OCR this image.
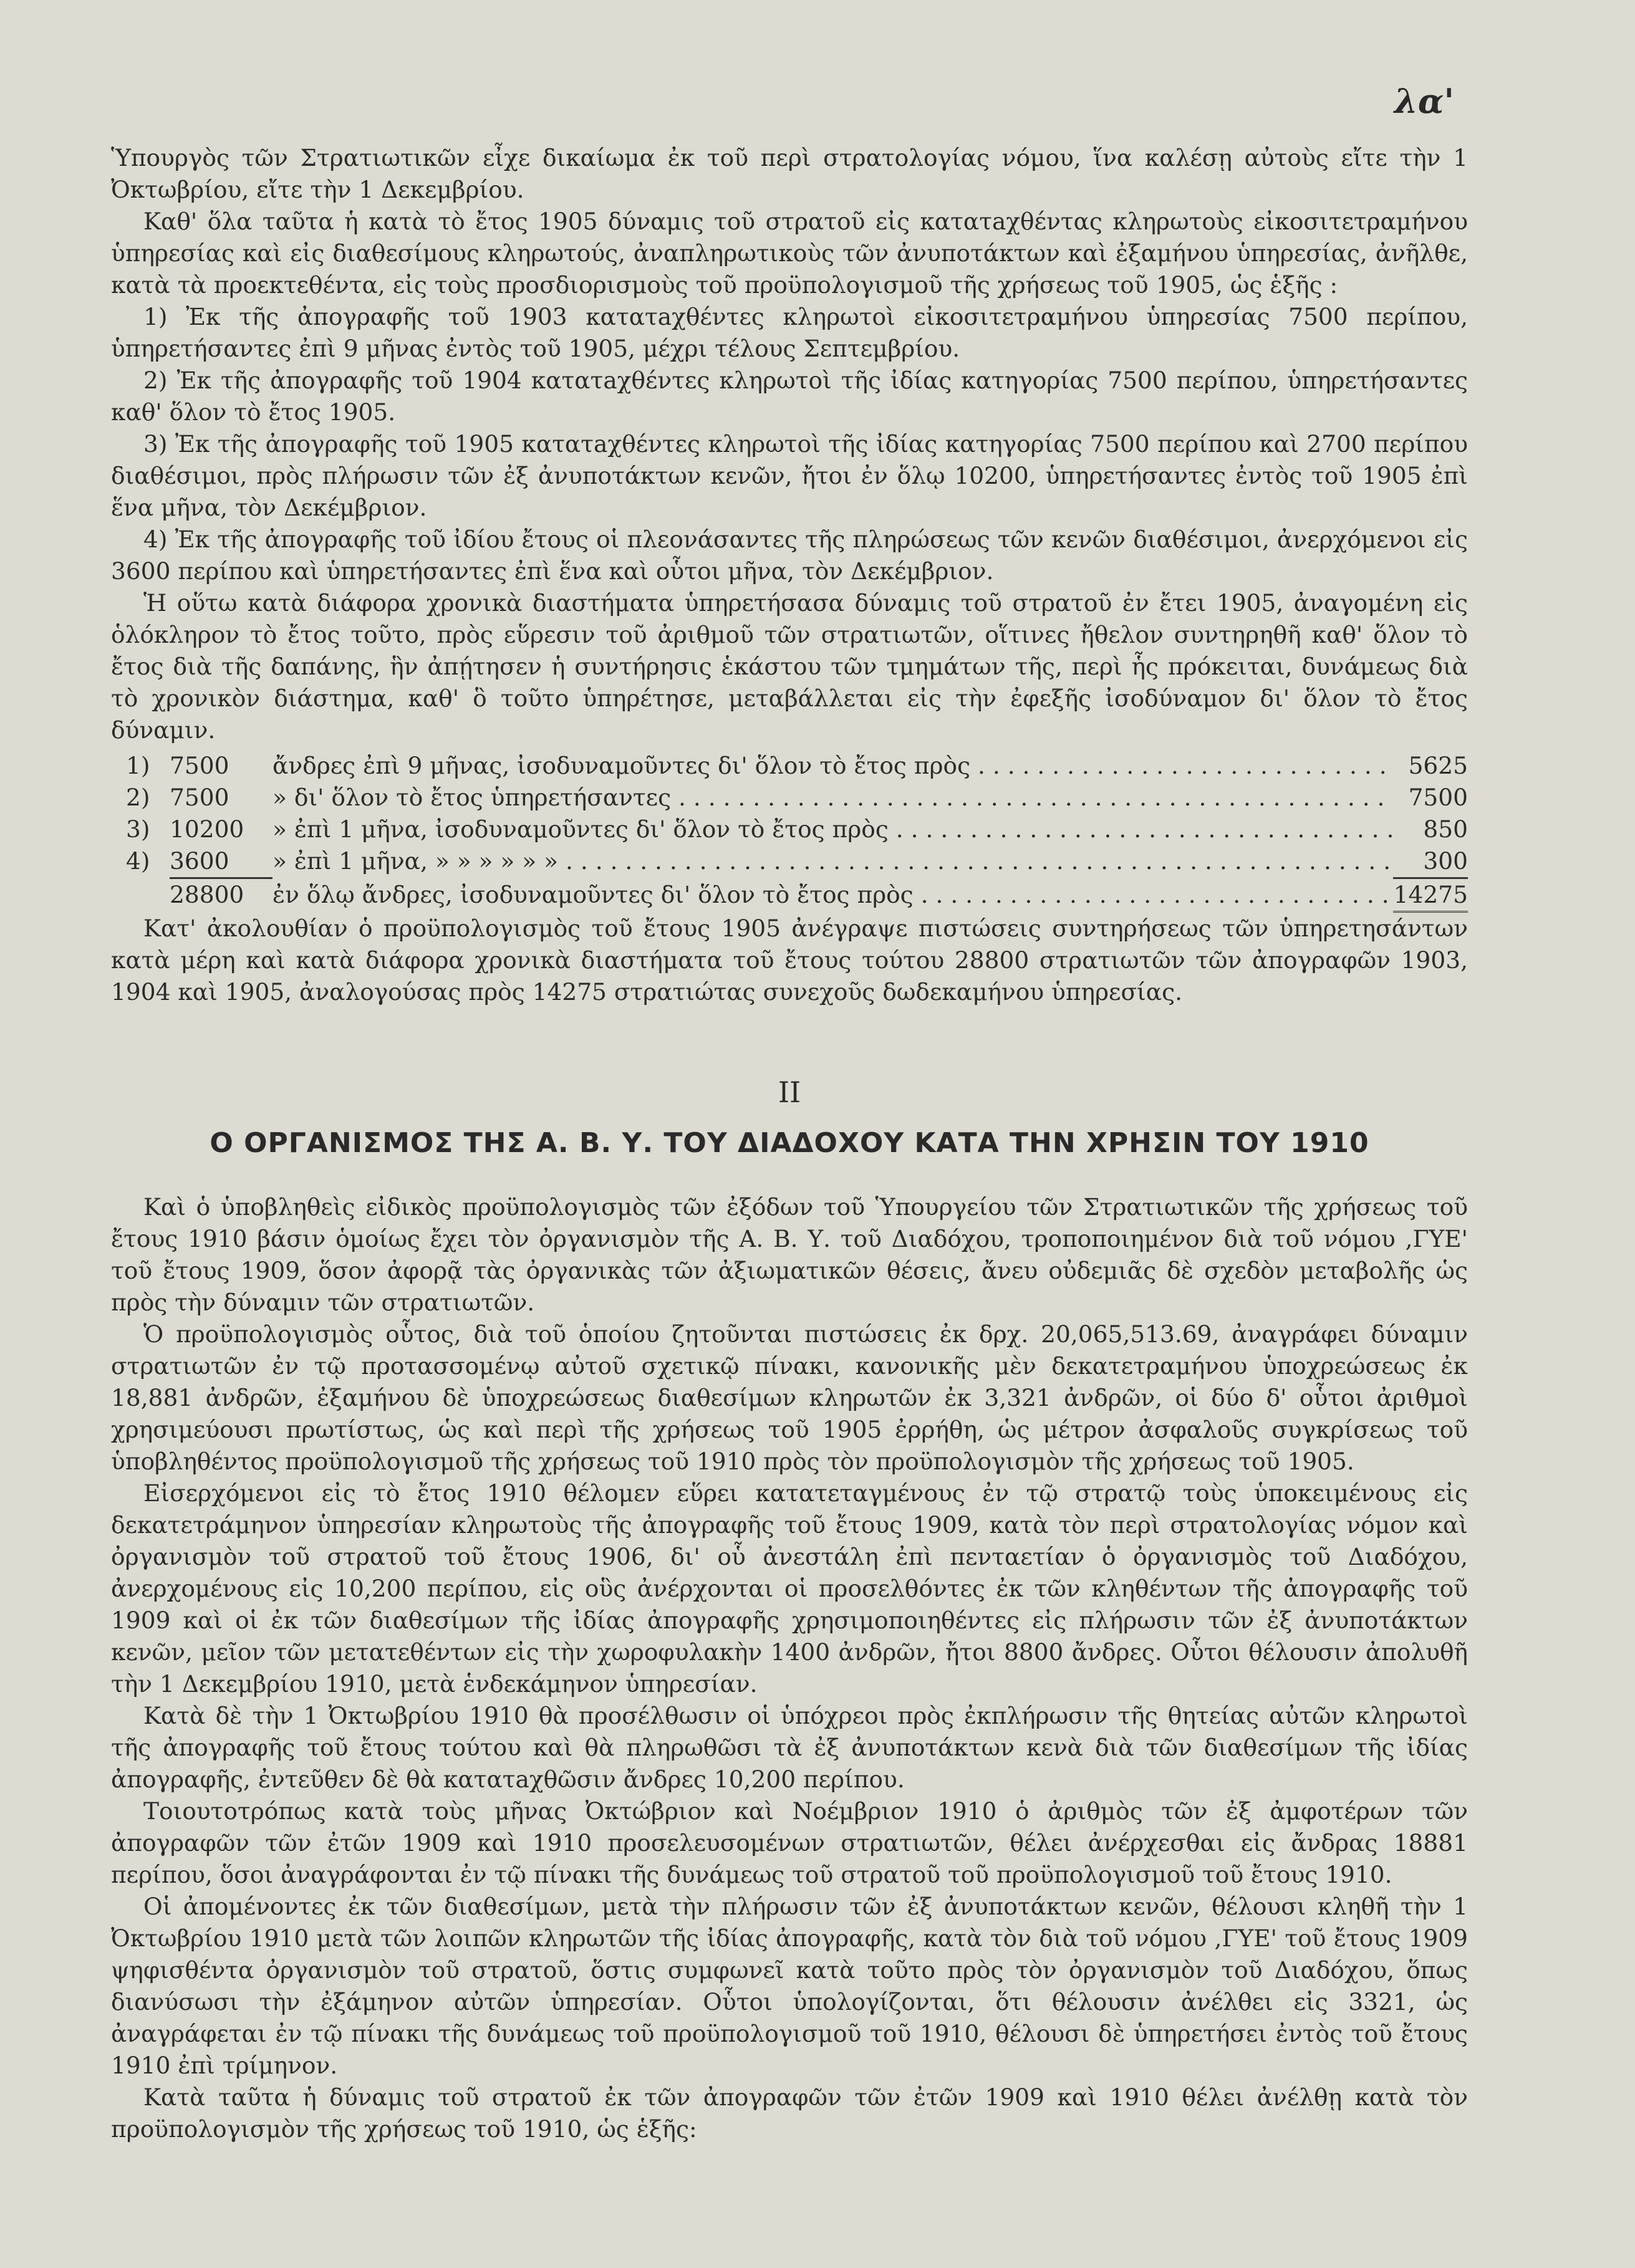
λα'

Ὑπουργὸς τῶν Στρατιωτικῶν εἶχε δικαίωμα ἐκ τοῦ περὶ στρατολογίας νόμου, ἵνα καλέσῃ αὐτοὺς εἴτε τὴν 1 Ὀκτωβρίου, εἴτε τὴν 1 Δεκεμβρίου.

Καθ' ὅλα ταῦτα ἡ κατὰ τὸ ἔτος 1905 δύναμις τοῦ στρατοῦ εἰς κατατaχθέντας κληρωτοὺς εἰκοσιτετραμήνου ὑπηρεσίας καὶ εἰς διαθεσίμους κληρωτούς, ἀναπληρωτικοὺς τῶν ἀνυποτάκτων καὶ ἐξαμήνου ὑπηρεσίας, ἀνῆλθε, κατὰ τὰ προεκτεθέντα, εἰς τοὺς προσδιορισμοὺς τοῦ προϋπολογισμοῦ τῆς χρήσεως τοῦ 1905, ὡς ἑξῆς :

1) Ἐκ τῆς ἀπογραφῆς τοῦ 1903 κατατaχθέντες κληρωτοὶ εἰκοσιτετραμήνου ὑπηρεσίας 7500 περίπου, ὑπηρετήσαντες ἐπὶ 9 μῆνας ἐντὸς τοῦ 1905, μέχρι τέλους Σεπτεμβρίου.

2) Ἐκ τῆς ἀπογραφῆς τοῦ 1904 κατατaχθέντες κληρωτοὶ τῆς ἰδίας κατηγορίας 7500 περίπου, ὑπηρετήσαντες καθ' ὅλον τὸ ἔτος 1905.

3) Ἐκ τῆς ἀπογραφῆς τοῦ 1905 κατατaχθέντες κληρωτοὶ τῆς ἰδίας κατηγορίας 7500 περίπου καὶ 2700 περίπου διαθέσιμοι, πρὸς πλήρωσιν τῶν ἐξ ἀνυποτάκτων κενῶν, ἤτοι ἐν ὅλῳ 10200, ὑπηρετήσαντες ἐντὸς τοῦ 1905 ἐπὶ ἕνα μῆνα, τὸν Δεκέμβριον.

4) Ἐκ τῆς ἀπογραφῆς τοῦ ἰδίου ἔτους οἱ πλεονάσαντες τῆς πληρώσεως τῶν κενῶν διαθέσιμοι, ἀνερχόμενοι εἰς 3600 περίπου καὶ ὑπηρετήσαντες ἐπὶ ἕνα καὶ οὗτοι μῆνα, τὸν Δεκέμβριον.

Ἡ οὕτω κατὰ διάφορα χρονικὰ διαστήματα ὑπηρετήσασα δύναμις τοῦ στρατοῦ ἐν ἔτει 1905, ἀναγομένη εἰς ὁλόκληρον τὸ ἔτος τοῦτο, πρὸς εὕρεσιν τοῦ ἀριθμοῦ τῶν στρατιωτῶν, οἵτινες ἤθελον συντηρηθῆ καθ' ὅλον τὸ ἔτος διὰ τῆς δαπάνης, ἣν ἀπῄτησεν ἡ συντήρησις ἑκάστου τῶν τμημάτων τῆς, περὶ ἧς πρόκειται, δυνάμεως διὰ τὸ χρονικὸν διάστημα, καθ' ὃ τοῦτο ὑπηρέτησε, μεταβάλλεται εἰς τὴν ἐφεξῆς ἰσοδύναμον δι' ὅλον τὸ ἔτος δύναμιν.

1) 7500	ἄνδρες ἐπὶ 9 μῆνας, ἰσοδυναμοῦντες δι' ὅλον τὸ ἔτος πρὸς . . .	5625
2) 7500	» δι' ὅλον τὸ ἔτος ὑπηρετήσαντες . . .	7500
3) 10200	» ἐπὶ 1 μῆνα, ἰσοδυναμοῦντες δι' ὅλον τὸ ἔτος πρὸς . . .	850
4) 3600	» ἐπὶ 1 μῆνα, » » » » » » . . .	300
28800	ἐν ὅλῳ ἄνδρες, ἰσοδυναμοῦντες δι' ὅλον τὸ ἔτος πρὸς . . .	14275

Κατ' ἀκολουθίαν ὁ προϋπολογισμὸς τοῦ ἔτους 1905 ἀνέγραψε πιστώσεις συντηρήσεως τῶν ὑπηρετησάντων κατὰ μέρη καὶ κατὰ διάφορα χρονικὰ διαστήματα τοῦ ἔτους τούτου 28800 στρατιωτῶν τῶν ἀπογραφῶν 1903, 1904 καὶ 1905, ἀναλογούσας πρὸς 14275 στρατιώτας συνεχοῦς δωδεκαμήνου ὑπηρεσίας.

II
Ο ΟΡΓΑΝΙΣΜΟΣ ΤΗΣ Α. Β. Υ. ΤΟΥ ΔΙΑΔΟΧΟΥ ΚΑΤΑ ΤΗΝ ΧΡΗΣΙΝ ΤΟΥ 1910

Καὶ ὁ ὑποβληθεὶς εἰδικὸς προϋπολογισμὸς τῶν ἐξόδων τοῦ Ὑπουργείου τῶν Στρατιωτικῶν τῆς χρήσεως τοῦ ἔτους 1910 βάσιν ὁμοίως ἔχει τὸν ὀργανισμὸν τῆς Α. Β. Υ. τοῦ Διαδόχου, τροποποιημένον διὰ τοῦ νόμου ,ΓΥΕ' τοῦ ἔτους 1909, ὅσον ἀφορᾷ τὰς ὀργανικὰς τῶν ἀξιωματικῶν θέσεις, ἄνευ οὐδεμιᾶς δὲ σχεδὸν μεταβολῆς ὡς πρὸς τὴν δύναμιν τῶν στρατιωτῶν.

Ὁ προϋπολογισμὸς οὗτος, διὰ τοῦ ὁποίου ζητοῦνται πιστώσεις ἐκ δρχ. 20,065,513.69, ἀναγράφει δύναμιν στρατιωτῶν ἐν τῷ προτασσομένῳ αὐτοῦ σχετικῷ πίνακι, κανονικῆς μὲν δεκατετραμήνου ὑποχρεώσεως ἐκ 18,881 ἀνδρῶν, ἐξαμήνου δὲ ὑποχρεώσεως διαθεσίμων κληρωτῶν ἐκ 3,321 ἀνδρῶν, οἱ δύο δ' οὗτοι ἀριθμοὶ χρησιμεύουσι πρωτίστως, ὡς καὶ περὶ τῆς χρήσεως τοῦ 1905 ἐρρήθη, ὡς μέτρον ἀσφαλοῦς συγκρίσεως τοῦ ὑποβληθέντος προϋπολογισμοῦ τῆς χρήσεως τοῦ 1910 πρὸς τὸν προϋπολογισμὸν τῆς χρήσεως τοῦ 1905.

Εἰσερχόμενοι εἰς τὸ ἔτος 1910 θέλομεν εὕρει κατατεταγμένους ἐν τῷ στρατῷ τοὺς ὑποκειμένους εἰς δεκατετράμηνον ὑπηρεσίαν κληρωτοὺς τῆς ἀπογραφῆς τοῦ ἔτους 1909, κατὰ τὸν περὶ στρατολογίας νόμον καὶ ὀργανισμὸν τοῦ στρατοῦ τοῦ ἔτους 1906, δι' οὗ ἀνεστάλη ἐπὶ πενταετίαν ὁ ὀργανισμὸς τοῦ Διαδόχου, ἀνερχομένους εἰς 10,200 περίπου, εἰς οὓς ἀνέρχονται οἱ προσελθόντες ἐκ τῶν κληθέντων τῆς ἀπογραφῆς τοῦ 1909 καὶ οἱ ἐκ τῶν διαθεσίμων τῆς ἰδίας ἀπογραφῆς χρησιμοποιηθέντες εἰς πλήρωσιν τῶν ἐξ ἀνυποτάκτων κενῶν, μεῖον τῶν μετατεθέντων εἰς τὴν χωροφυλακὴν 1400 ἀνδρῶν, ἤτοι 8800 ἄνδρες. Οὗτοι θέλουσιν ἀπολυθῆ τὴν 1 Δεκεμβρίου 1910, μετὰ ἑνδεκάμηνον ὑπηρεσίαν.

Κατὰ δὲ τὴν 1 Ὀκτωβρίου 1910 θὰ προσέλθωσιν οἱ ὑπόχρεοι πρὸς ἐκπλήρωσιν τῆς θητείας αὐτῶν κληρωτοὶ τῆς ἀπογραφῆς τοῦ ἔτους τούτου καὶ θὰ πληρωθῶσι τὰ ἐξ ἀνυποτάκτων κενὰ διὰ τῶν διαθεσίμων τῆς ἰδίας ἀπογραφῆς, ἐντεῦθεν δὲ θὰ κατατaχθῶσιν ἄνδρες 10,200 περίπου.

Τοιουτοτρόπως κατὰ τοὺς μῆνας Ὀκτώβριον καὶ Νοέμβριον 1910 ὁ ἀριθμὸς τῶν ἐξ ἀμφοτέρων τῶν ἀπογραφῶν τῶν ἐτῶν 1909 καὶ 1910 προσελευσομένων στρατιωτῶν, θέλει ἀνέρχεσθαι εἰς ἄνδρας 18881 περίπου, ὅσοι ἀναγράφονται ἐν τῷ πίνακι τῆς δυνάμεως τοῦ στρατοῦ τοῦ προϋπολογισμοῦ τοῦ ἔτους 1910.

Οἱ ἀπομένοντες ἐκ τῶν διαθεσίμων, μετὰ τὴν πλήρωσιν τῶν ἐξ ἀνυποτάκτων κενῶν, θέλουσι κληθῆ τὴν 1 Ὀκτωβρίου 1910 μετὰ τῶν λοιπῶν κληρωτῶν τῆς ἰδίας ἀπογραφῆς, κατὰ τὸν διὰ τοῦ νόμου ,ΓΥΕ' τοῦ ἔτους 1909 ψηφισθέντα ὀργανισμὸν τοῦ στρατοῦ, ὅστις συμφωνεῖ κατὰ τοῦτο πρὸς τὸν ὀργανισμὸν τοῦ Διαδόχου, ὅπως διανύσωσι τὴν ἐξάμηνον αὐτῶν ὑπηρεσίαν. Οὗτοι ὑπολογίζονται, ὅτι θέλουσιν ἀνέλθει εἰς 3321, ὡς ἀναγράφεται ἐν τῷ πίνακι τῆς δυνάμεως τοῦ προϋπολογισμοῦ τοῦ 1910, θέλουσι δὲ ὑπηρετήσει ἐντὸς τοῦ ἔτους 1910 ἐπὶ τρίμηνον.

Κατὰ ταῦτα ἡ δύναμις τοῦ στρατοῦ ἐκ τῶν ἀπογραφῶν τῶν ἐτῶν 1909 καὶ 1910 θέλει ἀνέλθῃ κατὰ τὸν προϋπολογισμὸν τῆς χρήσεως τοῦ 1910, ὡς ἑξῆς:
